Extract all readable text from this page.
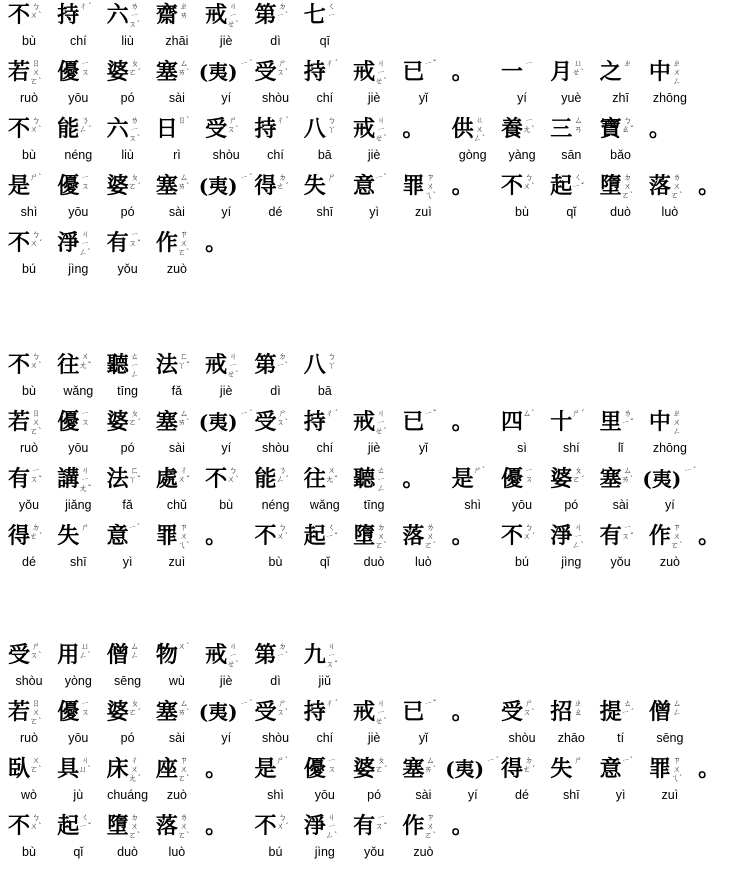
不 ㄅㄨˋ
bù
持 ㄔˊ
chí
六 ㄌㄧㄡˋ
liù
齋 ㄓㄞ
zhāi
戒 ㄐㄧㄝˋ
jiè
第 ㄉㄧˋ
dì
七 ㄑㄧ
qī
若 ㄖㄨㄛˋ
ruò
優 ㄧㄡ
yōu
婆 ㄆㄛˊ
pó
塞 ㄙㄞˋ
sài
(夷) ㄧˊ
yí
受 ㄕㄡˋ
shòu
持 ㄔˊ
chí
戒 ㄐㄧㄝˋ
jiè
已 ㄧˇ
yǐ
。 一 ㄧ
yí
月 ㄩㄝˋ
yuè
之 ㄓ
zhī
中 ㄓㄨㄥ
zhōng
不 ㄅㄨˋ
bù
能 ㄋㄥˊ
néng
六 ㄌㄧㄡˋ
liù
日 ㄖˋ
rì
受 ㄕㄡˋ
shòu
持 ㄔˊ
chí
八 ㄅㄚ
bā
戒 ㄐㄧㄝˋ
jiè
。 供 ㄍㄨㄥˋ
gòng
養 ㄧㄤˋ
yàng
三 ㄙㄢ
sān
寶 ㄅㄠˇ
bǎo
。
是 ㄕˋ
shì
優 ㄧㄡ
yōu
婆 ㄆㄛˊ
pó
塞 ㄙㄞˋ
sài
(夷) ㄧˊ
yí
得 ㄉㄜˊ
dé
失 ㄕ
shī
意 ㄧˋ
yì
罪 ㄗㄨㄟˋ
zuì
。 不 ㄅㄨˋ
bù
起 ㄑㄧˇ
qǐ
墮 ㄉㄨㄛˋ
duò
落 ㄌㄨㄛˋ
luò
。
不 ㄅㄨˊ
bú
淨 ㄐㄧㄥˋ
jìng
有 ㄧㄡˇ
yǒu
作 ㄗㄨㄛˋ
zuò
。
不 ㄅㄨˋ
bù
往 ㄨㄤˇ
wǎng
聽 ㄊㄧㄥ
tīng
法 ㄈㄚˇ
fǎ
戒 ㄐㄧㄝˋ
jiè
第 ㄉㄧˋ
dì
八 ㄅㄚ
bā
若 ㄖㄨㄛˋ
ruò
優 ㄧㄡ
yōu
婆 ㄆㄛˊ
pó
塞 ㄙㄞˋ
sài
(夷) ㄧˊ
yí
受 ㄕㄡˋ
shòu
持 ㄔˊ
chí
戒 ㄐㄧㄝˋ
jiè
已 ㄧˇ
yǐ
。 四 ㄙˋ
sì
十 ㄕˊ
shí
里 ㄌㄧˇ
lǐ
中 ㄓㄨㄥ
zhōng
有 ㄧㄡˇ
yǒu
講 ㄐㄧㄤˇ
jiǎng
法 ㄈㄚˇ
fǎ
處 ㄔㄨˇ
chǔ
不 ㄅㄨˋ
bù
能 ㄋㄥˊ
néng
往 ㄨㄤˇ
wǎng
聽 ㄊㄧㄥ
tīng
。 是 ㄕˋ
shì
優 ㄧㄡ
yōu
婆 ㄆㄛˊ
pó
塞 ㄙㄞˋ
sài
(夷) ㄧˊ
yí
得 ㄉㄜˊ
dé
失 ㄕ
shī
意 ㄧˋ
yì
罪 ㄗㄨㄟˋ
zuì
。 不 ㄅㄨˋ
bù
起 ㄑㄧˇ
qǐ
墮 ㄉㄨㄛˋ
duò
落 ㄌㄨㄛˋ
luò
。 不 ㄅㄨˊ
bú
淨 ㄐㄧㄥˋ
jìng
有 ㄧㄡˇ
yǒu
作 ㄗㄨㄛˋ
zuò
。
受 ㄕㄡˋ
shòu
用 ㄩㄥˋ
yòng
僧 ㄙㄥ
sēng
物 ㄨˋ
wù
戒 ㄐㄧㄝˋ
jiè
第 ㄉㄧˋ
dì
九 ㄐㄧㄡˇ
jiǔ
若 ㄖㄨㄛˋ
ruò
優 ㄧㄡ
yōu
婆 ㄆㄛˊ
pó
塞 ㄙㄞˋ
sài
(夷) ㄧˊ
yí
受 ㄕㄡˋ
shòu
持 ㄔˊ
chí
戒 ㄐㄧㄝˋ
jiè
已 ㄧˇ
yǐ
。 受 ㄕㄡˋ
shòu
招 ㄓㄠ
zhāo
提 ㄊㄧˊ
tí
僧 ㄙㄥ
sēng
臥 ㄨㄛˋ
wò
具 ㄐㄩˋ
jù
床 ㄔㄨㄤˊ
chuáng
座 ㄗㄨㄛˋ
zuò
。 是 ㄕˋ
shì
優 ㄧㄡ
yōu
婆 ㄆㄛˊ
pó
塞 ㄙㄞˋ
sài
(夷) ㄧˊ
yí
得 ㄉㄜˊ
dé
失 ㄕ
shī
意 ㄧˋ
yì
罪 ㄗㄨㄟˋ
zuì
。
不 ㄅㄨˋ
bù
起 ㄑㄧˇ
qǐ
墮 ㄉㄨㄛˋ
duò
落 ㄌㄨㄛˋ
luò
。 不 ㄅㄨˊ
bú
淨 ㄐㄧㄥˋ
jìng
有 ㄧㄡˇ
yǒu
作 ㄗㄨㄛˋ
zuò
。
